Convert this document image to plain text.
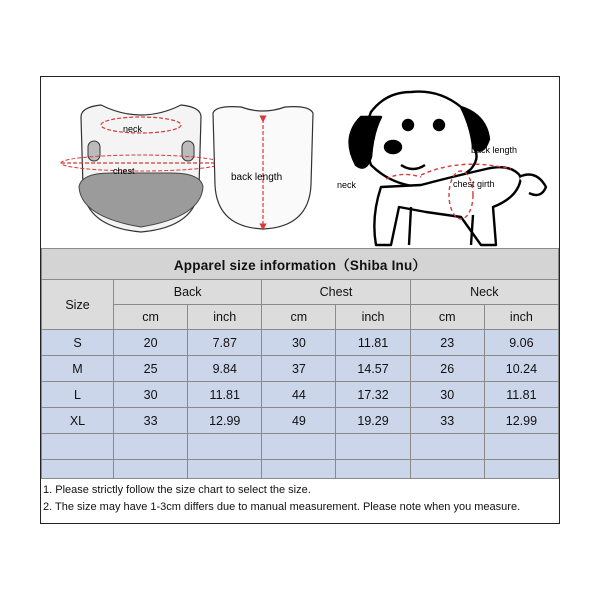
neck
chest
back length
back length
neck	chest girth
Apparel size information（Shiba Inu）						
Size	Back		Chest		Neck	
	cm	inch	cm	inch	cm	inch
S	20	7.87	30	11.81	23	9.06
M	25	9.84	37	14.57	26	10.24
L	30	11.81	44	17.32	30	11.81
XL	33	12.99	49	19.29	33	12.99

1. Please strictly follow the size chart to select the size.
2. The size may have 1-3cm differs due to manual measurement. Please note when you measure.
